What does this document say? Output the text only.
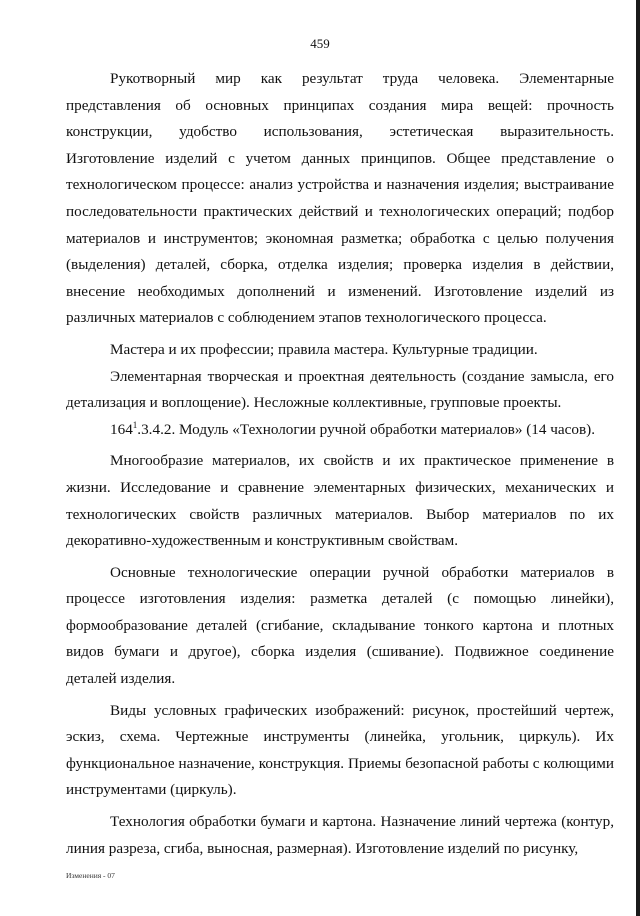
459

Рукотворный мир как результат труда человека. Элементарные представления об основных принципах создания мира вещей: прочность конструкции, удобство использования, эстетическая выразительность. Изготовление изделий с учетом данных принципов. Общее представление о технологическом процессе: анализ устройства и назначения изделия; выстраивание последовательности практических действий и технологических операций; подбор материалов и инструментов; экономная разметка; обработка с целью получения (выделения) деталей, сборка, отделка изделия; проверка изделия в действии, внесение необходимых дополнений и изменений. Изготовление изделий из различных материалов с соблюдением этапов технологического процесса.

Мастера и их профессии; правила мастера. Культурные традиции.

Элементарная творческая и проектная деятельность (создание замысла, его детализация и воплощение). Несложные коллективные, групповые проекты.

$164^1.3.4.2$. Модуль «Технологии ручной обработки материалов» (14 часов).

Многообразие материалов, их свойств и их практическое применение в жизни. Исследование и сравнение элементарных физических, механических и технологических свойств различных материалов. Выбор материалов по их декоративно-художественным и конструктивным свойствам.

Основные технологические операции ручной обработки материалов в процессе изготовления изделия: разметка деталей (с помощью линейки), формообразование деталей (сгибание, складывание тонкого картона и плотных видов бумаги и другое), сборка изделия (сшивание). Подвижное соединение деталей изделия.

Виды условных графических изображений: рисунок, простейший чертеж, эскиз, схема. Чертежные инструменты (линейка, угольник, циркуль). Их функциональное назначение, конструкция. Приемы безопасной работы с колющими инструментами (циркуль).

Технология обработки бумаги и картона. Назначение линий чертежа (контур, линия разреза, сгиба, выносная, размерная). Изготовление изделий по рисунку,

Изменения - 07
